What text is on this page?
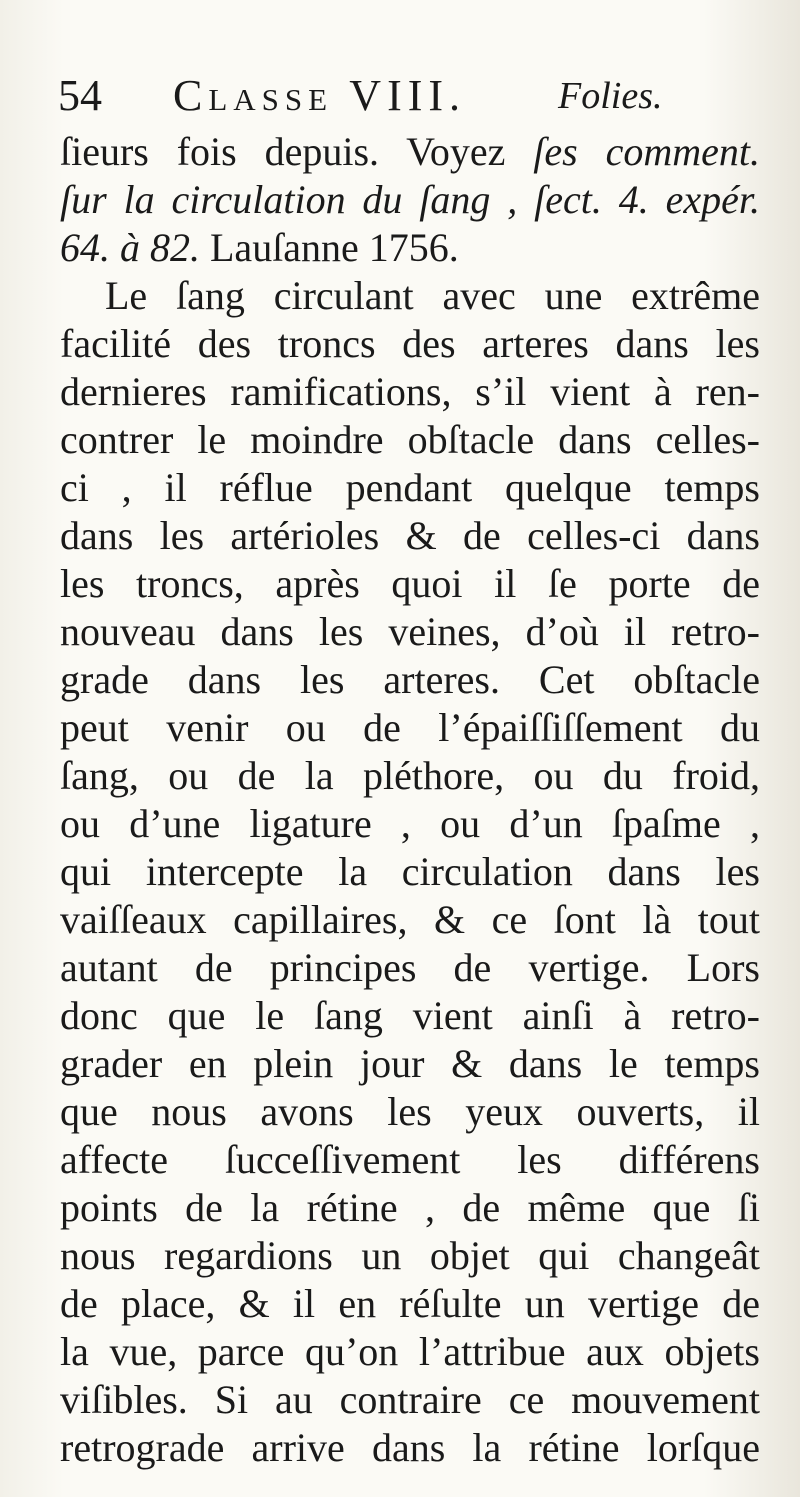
54 Classe VIII. Folies.
ſieurs fois depuis. Voyez ſes comment.
ſur la circulation du ſang , ſect. 4. expér.
64. à 82. Lauſanne 1756.
Le ſang circulant avec une extrême
facilité des troncs des arteres dans les
dernieres ramifications, s’il vient à ren-
contrer le moindre obſtacle dans celles-
ci , il réflue pendant quelque temps
dans les artérioles & de celles-ci dans
les troncs, après quoi il ſe porte de
nouveau dans les veines, d’où il retro-
grade dans les arteres. Cet obſtacle
peut venir ou de l’épaiſſiſſement du
ſang, ou de la pléthore, ou du froid,
ou d’une ligature , ou d’un ſpaſme ,
qui intercepte la circulation dans les
vaiſſeaux capillaires, & ce ſont là tout
autant de principes de vertige. Lors
donc que le ſang vient ainſi à retro-
grader en plein jour & dans le temps
que nous avons les yeux ouverts, il
affecte ſucceſſivement les différens
points de la rétine , de même que ſi
nous regardions un objet qui changeât
de place, & il en réſulte un vertige de
la vue, parce qu’on l’attribue aux objets
viſibles. Si au contraire ce mouvement
retrograde arrive dans la rétine lorſque
